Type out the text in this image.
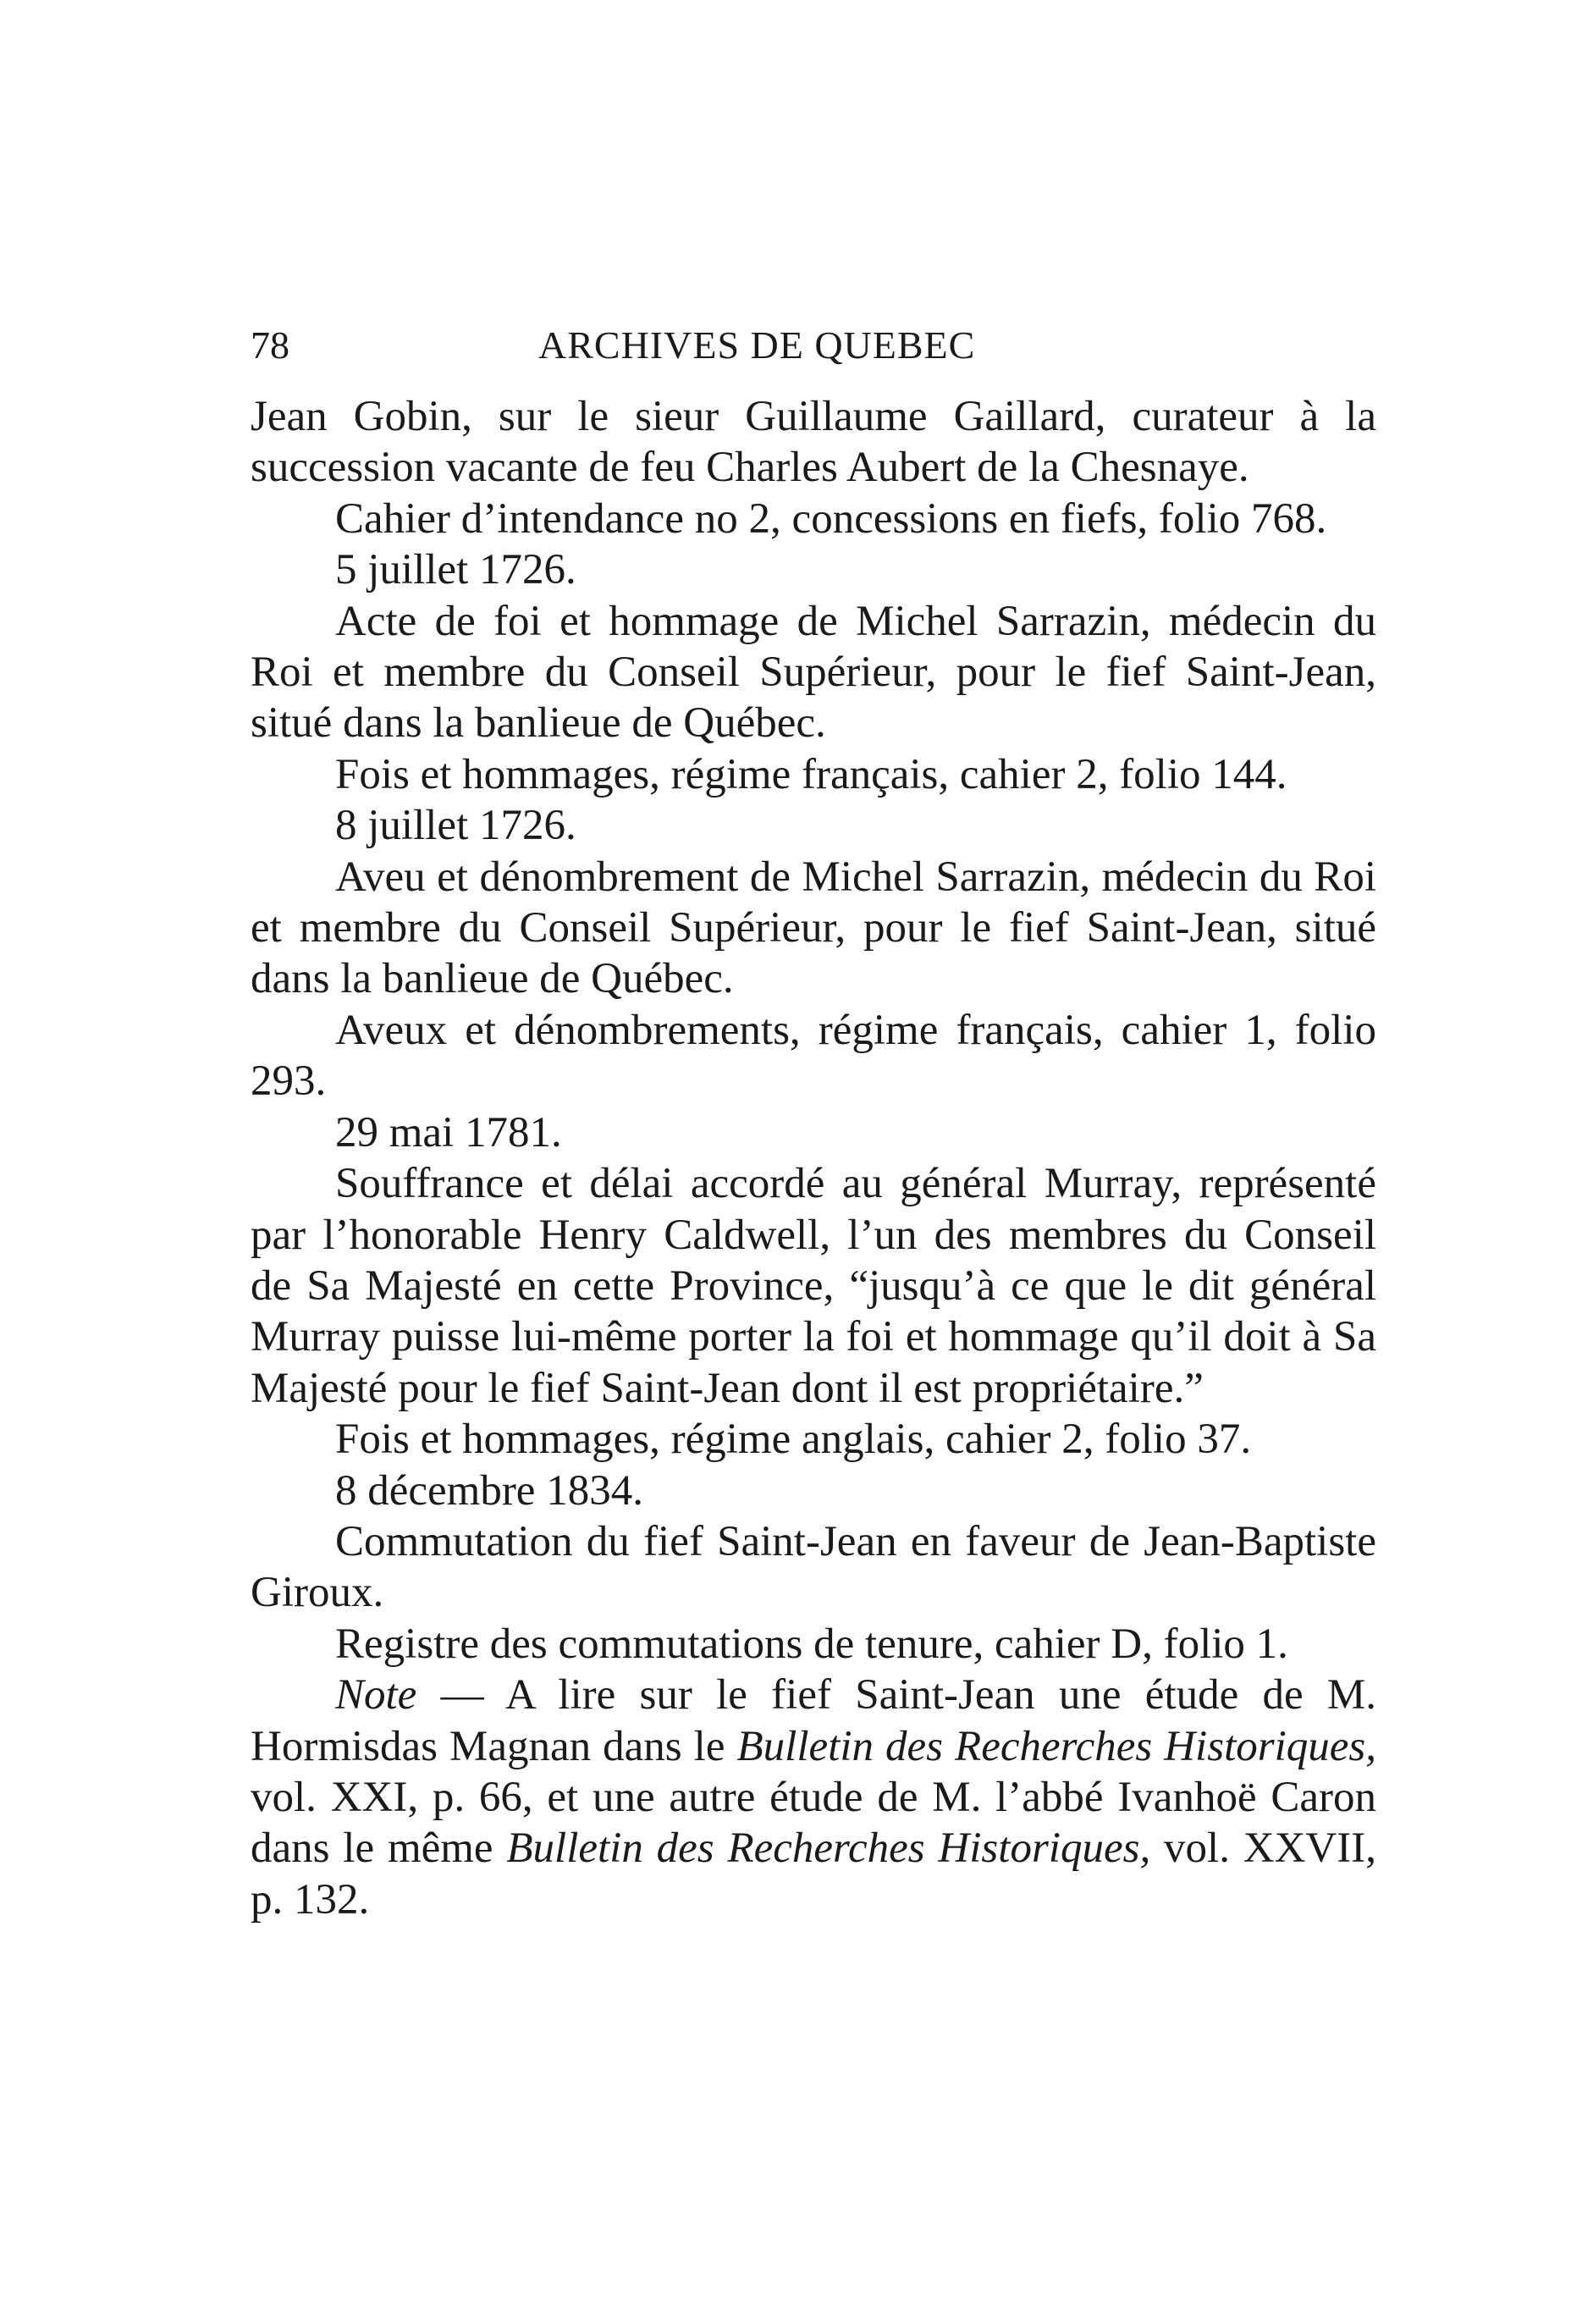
78	ARCHIVES DE QUEBEC

Jean Gobin, sur le sieur Guillaume Gaillard, curateur à la succession vacante de feu Charles Aubert de la Chesnaye.

Cahier d’intendance no 2, concessions en fiefs, folio 768.

5 juillet 1726.

Acte de foi et hommage de Michel Sarrazin, médecin du Roi et membre du Conseil Supérieur, pour le fief Saint-Jean, situé dans la banlieue de Québec.

Fois et hommages, régime français, cahier 2, folio 144.

8 juillet 1726.

Aveu et dénombrement de Michel Sarrazin, médecin du Roi et membre du Conseil Supérieur, pour le fief Saint-Jean, situé dans la banlieue de Québec.

Aveux et dénombrements, régime français, cahier 1, folio 293.

29 mai 1781.

Souffrance et délai accordé au général Murray, représenté par l’honorable Henry Caldwell, l’un des membres du Conseil de Sa Majesté en cette Province, “jusqu’à ce que le dit général Murray puisse lui-même porter la foi et hommage qu’il doit à Sa Majesté pour le fief Saint-Jean dont il est propriétaire.”

Fois et hommages, régime anglais, cahier 2, folio 37.

8 décembre 1834.

Commutation du fief Saint-Jean en faveur de Jean-Baptiste Giroux.

Registre des commutations de tenure, cahier D, folio 1.

Note — A lire sur le fief Saint-Jean une étude de M. Hormisdas Magnan dans le Bulletin des Recherches Historiques, vol. XXI, p. 66, et une autre étude de M. l’abbé Ivanhoë Caron dans le même Bulletin des Recherches Historiques, vol. XXVII, p. 132.
